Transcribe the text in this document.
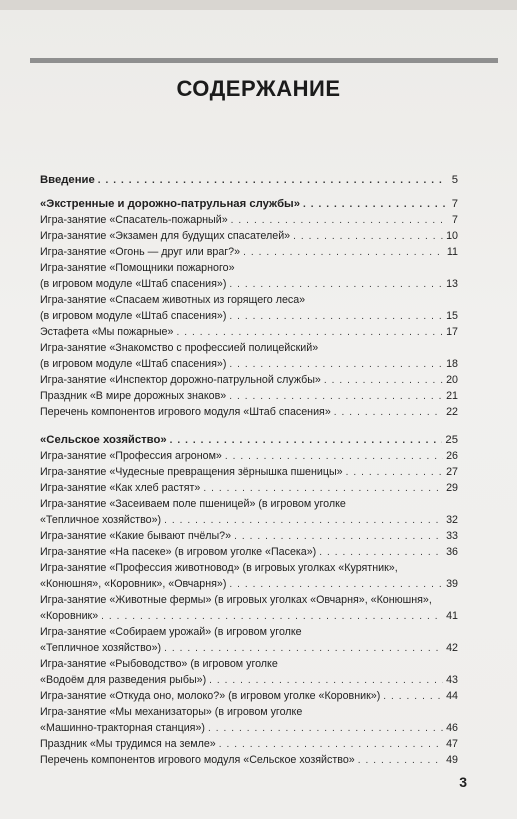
СОДЕРЖАНИЕ
Введение . . .	5
«Экстренные и дорожно-патрульная службы» . . .	7
Игра-занятие «Спасатель-пожарный» . . .	7
Игра-занятие «Экзамен для будущих спасателей» . . .	10
Игра-занятие «Огонь — друг или враг?» . . .	11
Игра-занятие «Помощники пожарного»
(в игровом модуле «Штаб спасения») . . .	13
Игра-занятие «Спасаем животных из горящего леса»
(в игровом модуле «Штаб спасения») . . .	15
Эстафета «Мы пожарные» . . .	17
Игра-занятие «Знакомство с профессией полицейский»
(в игровом модуле «Штаб спасения») . . .	18
Игра-занятие «Инспектор дорожно-патрульной службы» . . .	20
Праздник «В мире дорожных знаков» . . .	21
Перечень компонентов игрового модуля «Штаб спасения» . . .	22
«Сельское хозяйство» . . .	25
Игра-занятие «Профессия агроном» . . .	26
Игра-занятие «Чудесные превращения зёрнышка пшеницы» . . .	27
Игра-занятие «Как хлеб растят» . . .	29
Игра-занятие «Засеиваем поле пшеницей» (в игровом уголке
«Тепличное хозяйство») . . .	32
Игра-занятие «Какие бывают пчёлы?» . . .	33
Игра-занятие «На пасеке» (в игровом уголке «Пасека») . . .	36
Игра-занятие «Профессия животновод» (в игровых уголках «Курятник»,
«Конюшня», «Коровник», «Овчарня») . . .	39
Игра-занятие «Животные фермы» (в игровых уголках «Овчарня», «Конюшня»,
«Коровник» . . .	41
Игра-занятие «Собираем урожай» (в игровом уголке
«Тепличное хозяйство») . . .	42
Игра-занятие «Рыбоводство» (в игровом уголке
«Водоём для разведения рыбы») . . .	43
Игра-занятие «Откуда оно, молоко?» (в игровом уголке «Коровник») . . .	44
Игра-занятие «Мы механизаторы» (в игровом уголке
«Машинно-тракторная станция») . . .	46
Праздник «Мы трудимся на земле» . . .	47
Перечень компонентов игрового модуля «Сельское хозяйство» . . .	49
3
